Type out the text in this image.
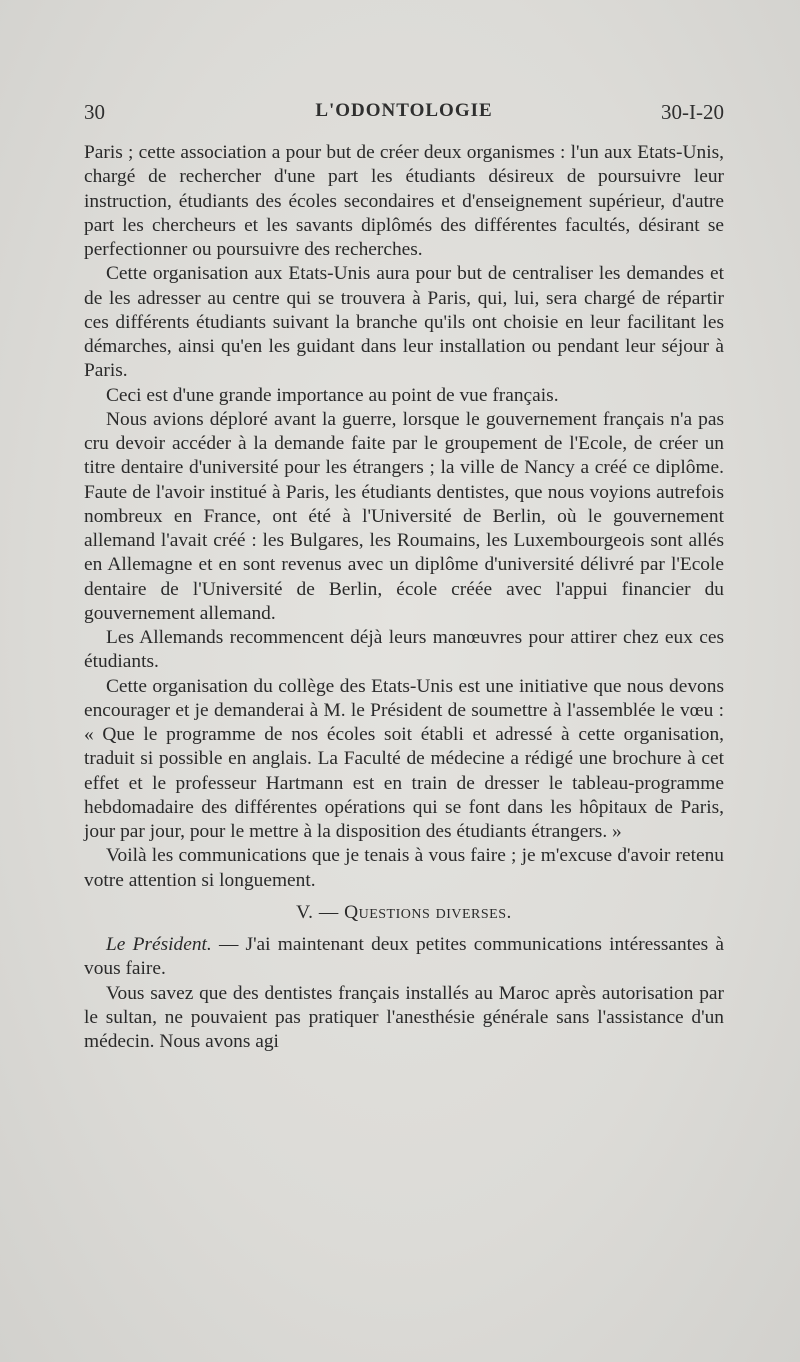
30	L'ODONTOLOGIE	30-I-20

Paris ; cette association a pour but de créer deux organismes : l'un aux Etats-Unis, chargé de rechercher d'une part les étudiants désireux de poursuivre leur instruction, étudiants des écoles secondaires et d'enseignement supérieur, d'autre part les chercheurs et les savants diplômés des différentes facultés, désirant se perfectionner ou poursuivre des recherches.

Cette organisation aux Etats-Unis aura pour but de centraliser les demandes et de les adresser au centre qui se trouvera à Paris, qui, lui, sera chargé de répartir ces différents étudiants suivant la branche qu'ils ont choisie en leur facilitant les démarches, ainsi qu'en les guidant dans leur installation ou pendant leur séjour à Paris.

Ceci est d'une grande importance au point de vue français.

Nous avions déploré avant la guerre, lorsque le gouvernement français n'a pas cru devoir accéder à la demande faite par le groupement de l'Ecole, de créer un titre dentaire d'université pour les étrangers ; la ville de Nancy a créé ce diplôme. Faute de l'avoir institué à Paris, les étudiants dentistes, que nous voyions autrefois nombreux en France, ont été à l'Université de Berlin, où le gouvernement allemand l'avait créé : les Bulgares, les Roumains, les Luxembourgeois sont allés en Allemagne et en sont revenus avec un diplôme d'université délivré par l'Ecole dentaire de l'Université de Berlin, école créée avec l'appui financier du gouvernement allemand.

Les Allemands recommencent déjà leurs manœuvres pour attirer chez eux ces étudiants.

Cette organisation du collège des Etats-Unis est une initiative que nous devons encourager et je demanderai à M. le Président de soumettre à l'assemblée le vœu : « Que le programme de nos écoles soit établi et adressé à cette organisation, traduit si possible en anglais. La Faculté de médecine a rédigé une brochure à cet effet et le professeur Hartmann est en train de dresser le tableau-programme hebdomadaire des différentes opérations qui se font dans les hôpitaux de Paris, jour par jour, pour le mettre à la disposition des étudiants étrangers. »

Voilà les communications que je tenais à vous faire ; je m'excuse d'avoir retenu votre attention si longuement.

V. — Questions diverses.

Le Président. — J'ai maintenant deux petites communications intéressantes à vous faire.

Vous savez que des dentistes français installés au Maroc après autorisation par le sultan, ne pouvaient pas pratiquer l'anesthésie générale sans l'assistance d'un médecin. Nous avons agi
